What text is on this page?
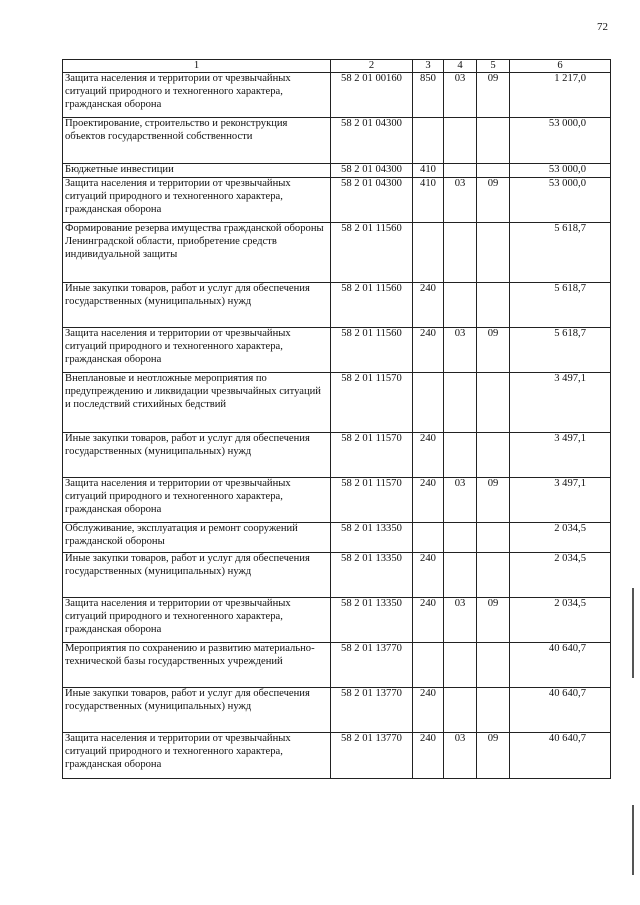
72
1	2	3	4	5	6
Защита населения и территории от чрезвычайных ситуаций природного и техногенного характера, гражданская оборона	58 2 01 00160	850	03	09	1 217,0
Проектирование, строительство и реконструкция объектов государственной собственности	58 2 01 04300				53 000,0
Бюджетные инвестиции	58 2 01 04300	410			53 000,0
Защита населения и территории от чрезвычайных ситуаций природного и техногенного характера, гражданская оборона	58 2 01 04300	410	03	09	53 000,0
Формирование резерва имущества гражданской обороны Ленинградской области, приобретение средств индивидуальной защиты	58 2 01 11560				5 618,7
Иные закупки товаров, работ и услуг для обеспечения государственных (муниципальных) нужд	58 2 01 11560	240			5 618,7
Защита населения и территории от чрезвычайных ситуаций природного и техногенного характера, гражданская оборона	58 2 01 11560	240	03	09	5 618,7
Внеплановые и неотложные мероприятия по предупреждению и ликвидации чрезвычайных ситуаций и последствий стихийных бедствий	58 2 01 11570				3 497,1
Иные закупки товаров, работ и услуг для обеспечения государственных (муниципальных) нужд	58 2 01 11570	240			3 497,1
Защита населения и территории от чрезвычайных ситуаций природного и техногенного характера, гражданская оборона	58 2 01 11570	240	03	09	3 497,1
Обслуживание, эксплуатация и ремонт сооружений гражданской обороны	58 2 01 13350				2 034,5
Иные закупки товаров, работ и услуг для обеспечения государственных (муниципальных) нужд	58 2 01 13350	240			2 034,5
Защита населения и территории от чрезвычайных ситуаций природного и техногенного характера, гражданская оборона	58 2 01 13350	240	03	09	2 034,5
Мероприятия по сохранению и развитию материально-технической базы государственных учреждений	58 2 01 13770				40 640,7
Иные закупки товаров, работ и услуг для обеспечения государственных (муниципальных) нужд	58 2 01 13770	240			40 640,7
Защита населения и территории от чрезвычайных ситуаций природного и техногенного характера, гражданская оборона	58 2 01 13770	240	03	09	40 640,7
